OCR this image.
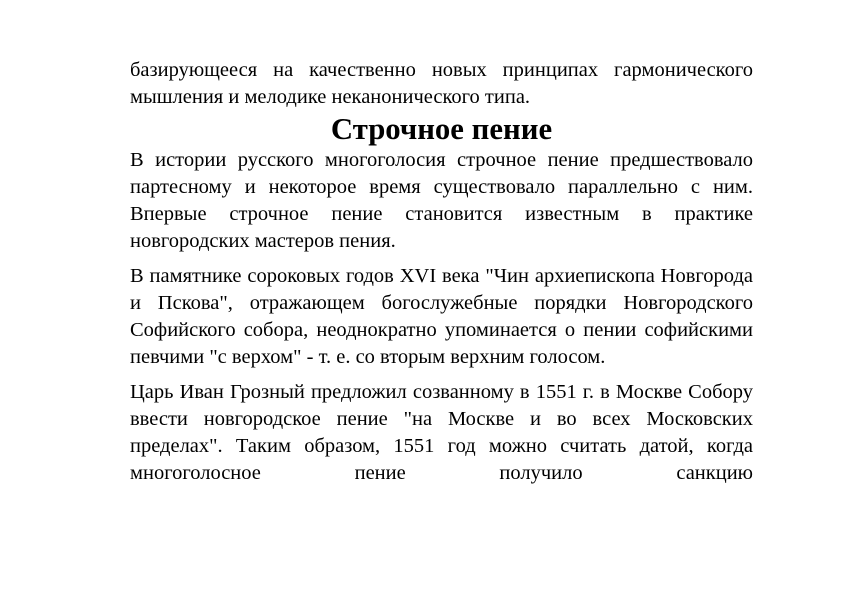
базирующееся на качественно новых принципах гармонического мышления и мелодике неканонического типа.

Строчное пение

В истории русского многоголосия строчное пение предшествовало партесному и некоторое время существовало параллельно с ним. Впервые строчное пение становится известным в практике новгородских мастеров пения.

В памятнике сороковых годов XVI века "Чин архиепископа Новгорода и Пскова", отражающем богослужебные порядки Новгородского Софийского собора, неоднократно упоминается о пении софийскими певчими "с верхом" - т. е. со вторым верхним голосом.

Царь Иван Грозный предложил созванному в 1551 г. в Москве Собору ввести новгородское пение "на Москве и во всех Московских пределах". Таким образом, 1551 год можно считать датой, когда многоголосное пение получило санкцию
